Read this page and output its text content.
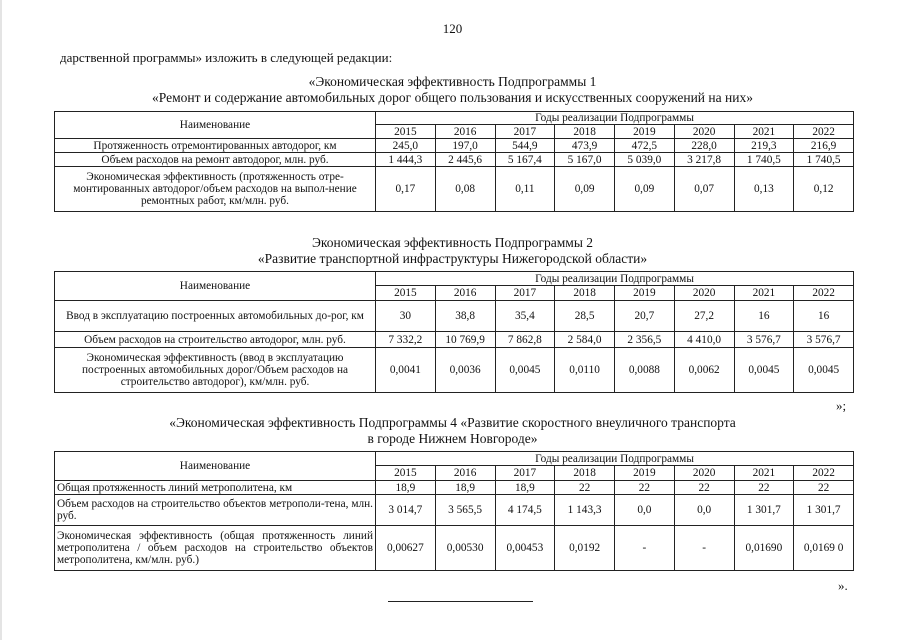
120
дарственной программы» изложить в следующей редакции:
«Экономическая эффективность Подпрограммы 1
«Ремонт и содержание автомобильных дорог общего пользования и искусственных сооружений на них»
Наименование	Годы реализации Подпрограммы							
	2015	2016	2017	2018	2019	2020	2021	2022
Протяженность отремонтированных автодорог, км	245,0	197,0	544,9	473,9	472,5	228,0	219,3	216,9
Объем расходов на ремонт автодорог, млн. руб.	1 444,3	2 445,6	5 167,4	5 167,0	5 039,0	3 217,8	1 740,5	1 740,5
Экономическая эффективность (протяженность отре-монтированных автодорог/объем расходов на выпол-нение ремонтных работ, км/млн. руб.	0,17	0,08	0,11	0,09	0,09	0,07	0,13	0,12
Экономическая эффективность Подпрограммы 2
«Развитие транспортной инфраструктуры Нижегородской области»
Наименование	Годы реализации Подпрограммы							
	2015	2016	2017	2018	2019	2020	2021	2022
Ввод в эксплуатацию построенных автомобильных до-рог, км	30	38,8	35,4	28,5	20,7	27,2	16	16
Объем расходов на строительство автодорог, млн. руб.	7 332,2	10 769,9	7 862,8	2 584,0	2 356,5	4 410,0	3 576,7	3 576,7
Экономическая эффективность (ввод в эксплуатацию построенных автомобильных дорог/Объем расходов на строительство автодорог), км/млн. руб.	0,0041	0,0036	0,0045	0,0110	0,0088	0,0062	0,0045	0,0045
»;
«Экономическая эффективность Подпрограммы 4 «Развитие скоростного внеуличного транспорта
в городе Нижнем Новгороде»
Наименование	Годы реализации Подпрограммы							
	2015	2016	2017	2018	2019	2020	2021	2022
Общая протяженность линий метрополитена, км	18,9	18,9	18,9	22	22	22	22	22
Объем расходов на строительство объектов метрополи-тена, млн. руб.	3 014,7	3 565,5	4 174,5	1 143,3	0,0	0,0	1 301,7	1 301,7
Экономическая эффективность (общая протяженность линий метрополитена / объем расходов на строительство объектов метрополитена, км/млн. руб.)	0,00627	0,00530	0,00453	0,0192	-	-	0,01690	0,0169 0
».
